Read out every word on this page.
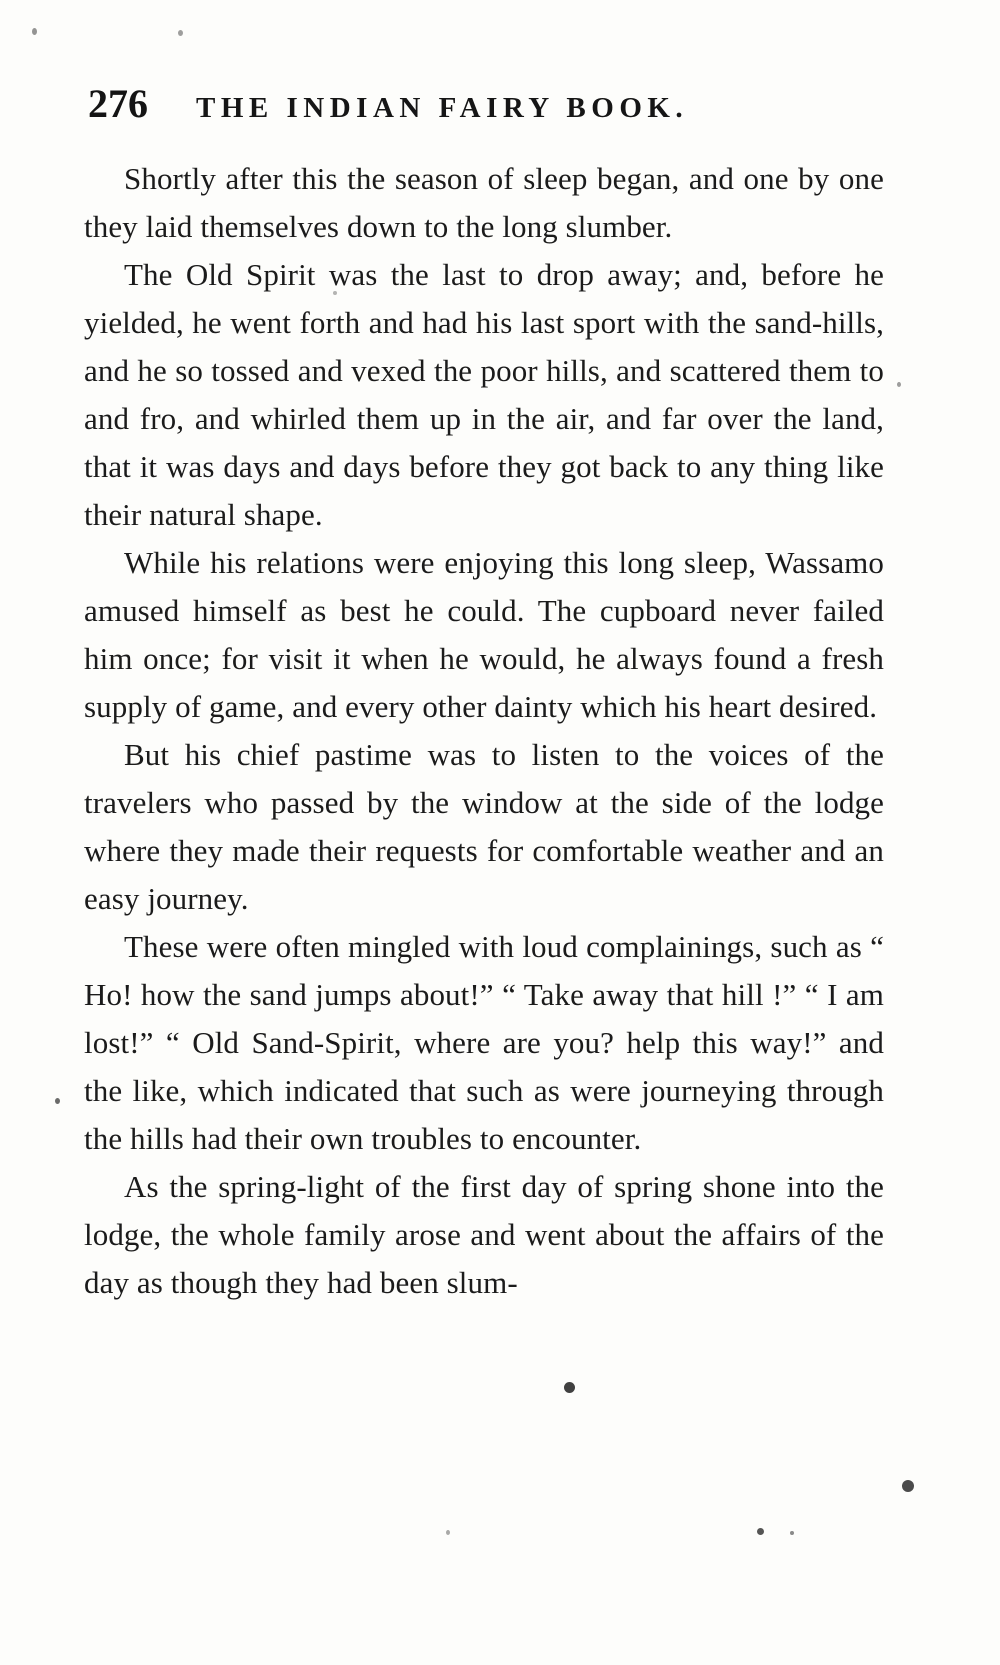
276 THE INDIAN FAIRY BOOK.

Shortly after this the season of sleep began, and one by one they laid themselves down to the long slumber.

The Old Spirit was the last to drop away; and, before he yielded, he went forth and had his last sport with the sand-hills, and he so tossed and vexed the poor hills, and scattered them to and fro, and whirled them up in the air, and far over the land, that it was days and days before they got back to any thing like their natural shape.

While his relations were enjoying this long sleep, Wassamo amused himself as best he could. The cupboard never failed him once; for visit it when he would, he always found a fresh supply of game, and every other dainty which his heart desired.

But his chief pastime was to listen to the voices of the travelers who passed by the window at the side of the lodge where they made their requests for comfortable weather and an easy journey.

These were often mingled with loud complainings, such as “ Ho! how the sand jumps about!” “ Take away that hill !” “ I am lost!” “ Old Sand-Spirit, where are you? help this way!” and the like, which indicated that such as were journeying through the hills had their own troubles to encounter.

As the spring-light of the first day of spring shone into the lodge, the whole family arose and went about the affairs of the day as though they had been slum-
